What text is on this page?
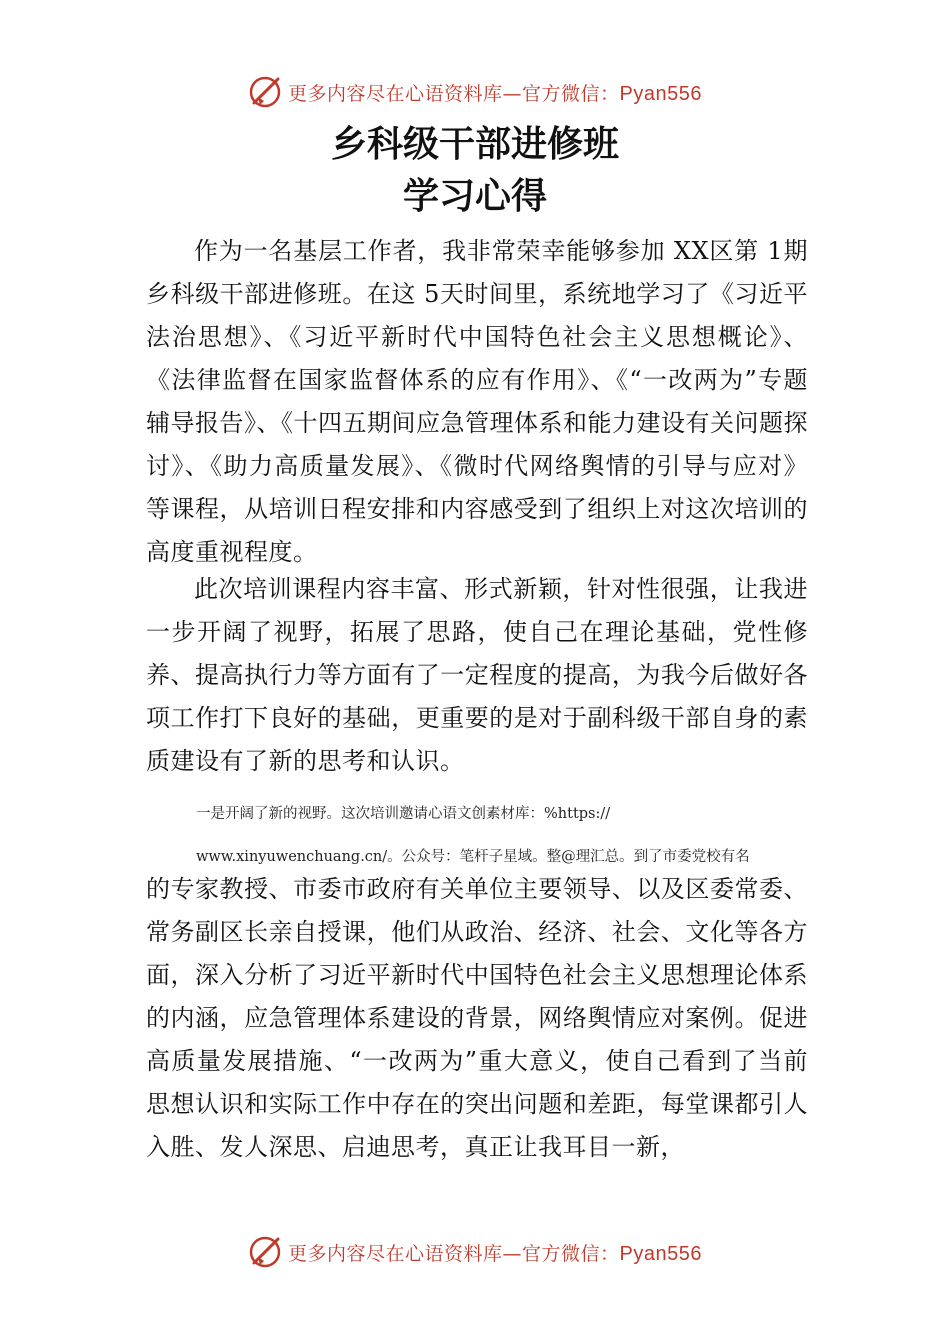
更多内容尽在心语资料库—官方微信：Pyan556
乡科级干部进修班
学习心得

作为一名基层工作者，我非常荣幸能够参加 XX区第 1期乡科级干部进修班。在这 5天时间里，系统地学习了《习近平法治思想》、《习近平新时代中国特色社会主义思想概论》、《法律监督在国家监督体系的应有作用》、《“一改两为”专题辅导报告》、《十四五期间应急管理体系和能力建设有关问题探讨》、《助力高质量发展》、《微时代网络舆情的引导与应对》等课程，从培训日程安排和内容感受到了组织上对这次培训的高度重视程度。

此次培训课程内容丰富、形式新颖，针对性很强，让我进一步开阔了视野，拓展了思路，使自己在理论基础，党性修养、提高执行力等方面有了一定程度的提高，为我今后做好各项工作打下良好的基础，更重要的是对于副科级干部自身的素质建设有了新的思考和认识。

一是开阔了新的视野。这次培训邀请心语文创素材库：%https://
www.xinyuwenchuang.cn/。公众号：笔杆子星域。整@理汇总。到了市委党校有名

的专家教授、市委市政府有关单位主要领导、以及区委常委、常务副区长亲自授课，他们从政治、经济、社会、文化等各方面，深入分析了习近平新时代中国特色社会主义思想理论体系的内涵，应急管理体系建设的背景，网络舆情应对案例。促进高质量发展措施、“一改两为”重大意义，使自己看到了当前思想认识和实际工作中存在的突出问题和差距，每堂课都引人入胜、发人深思、启迪思考，真正让我耳目一新，

更多内容尽在心语资料库—官方微信：Pyan556
